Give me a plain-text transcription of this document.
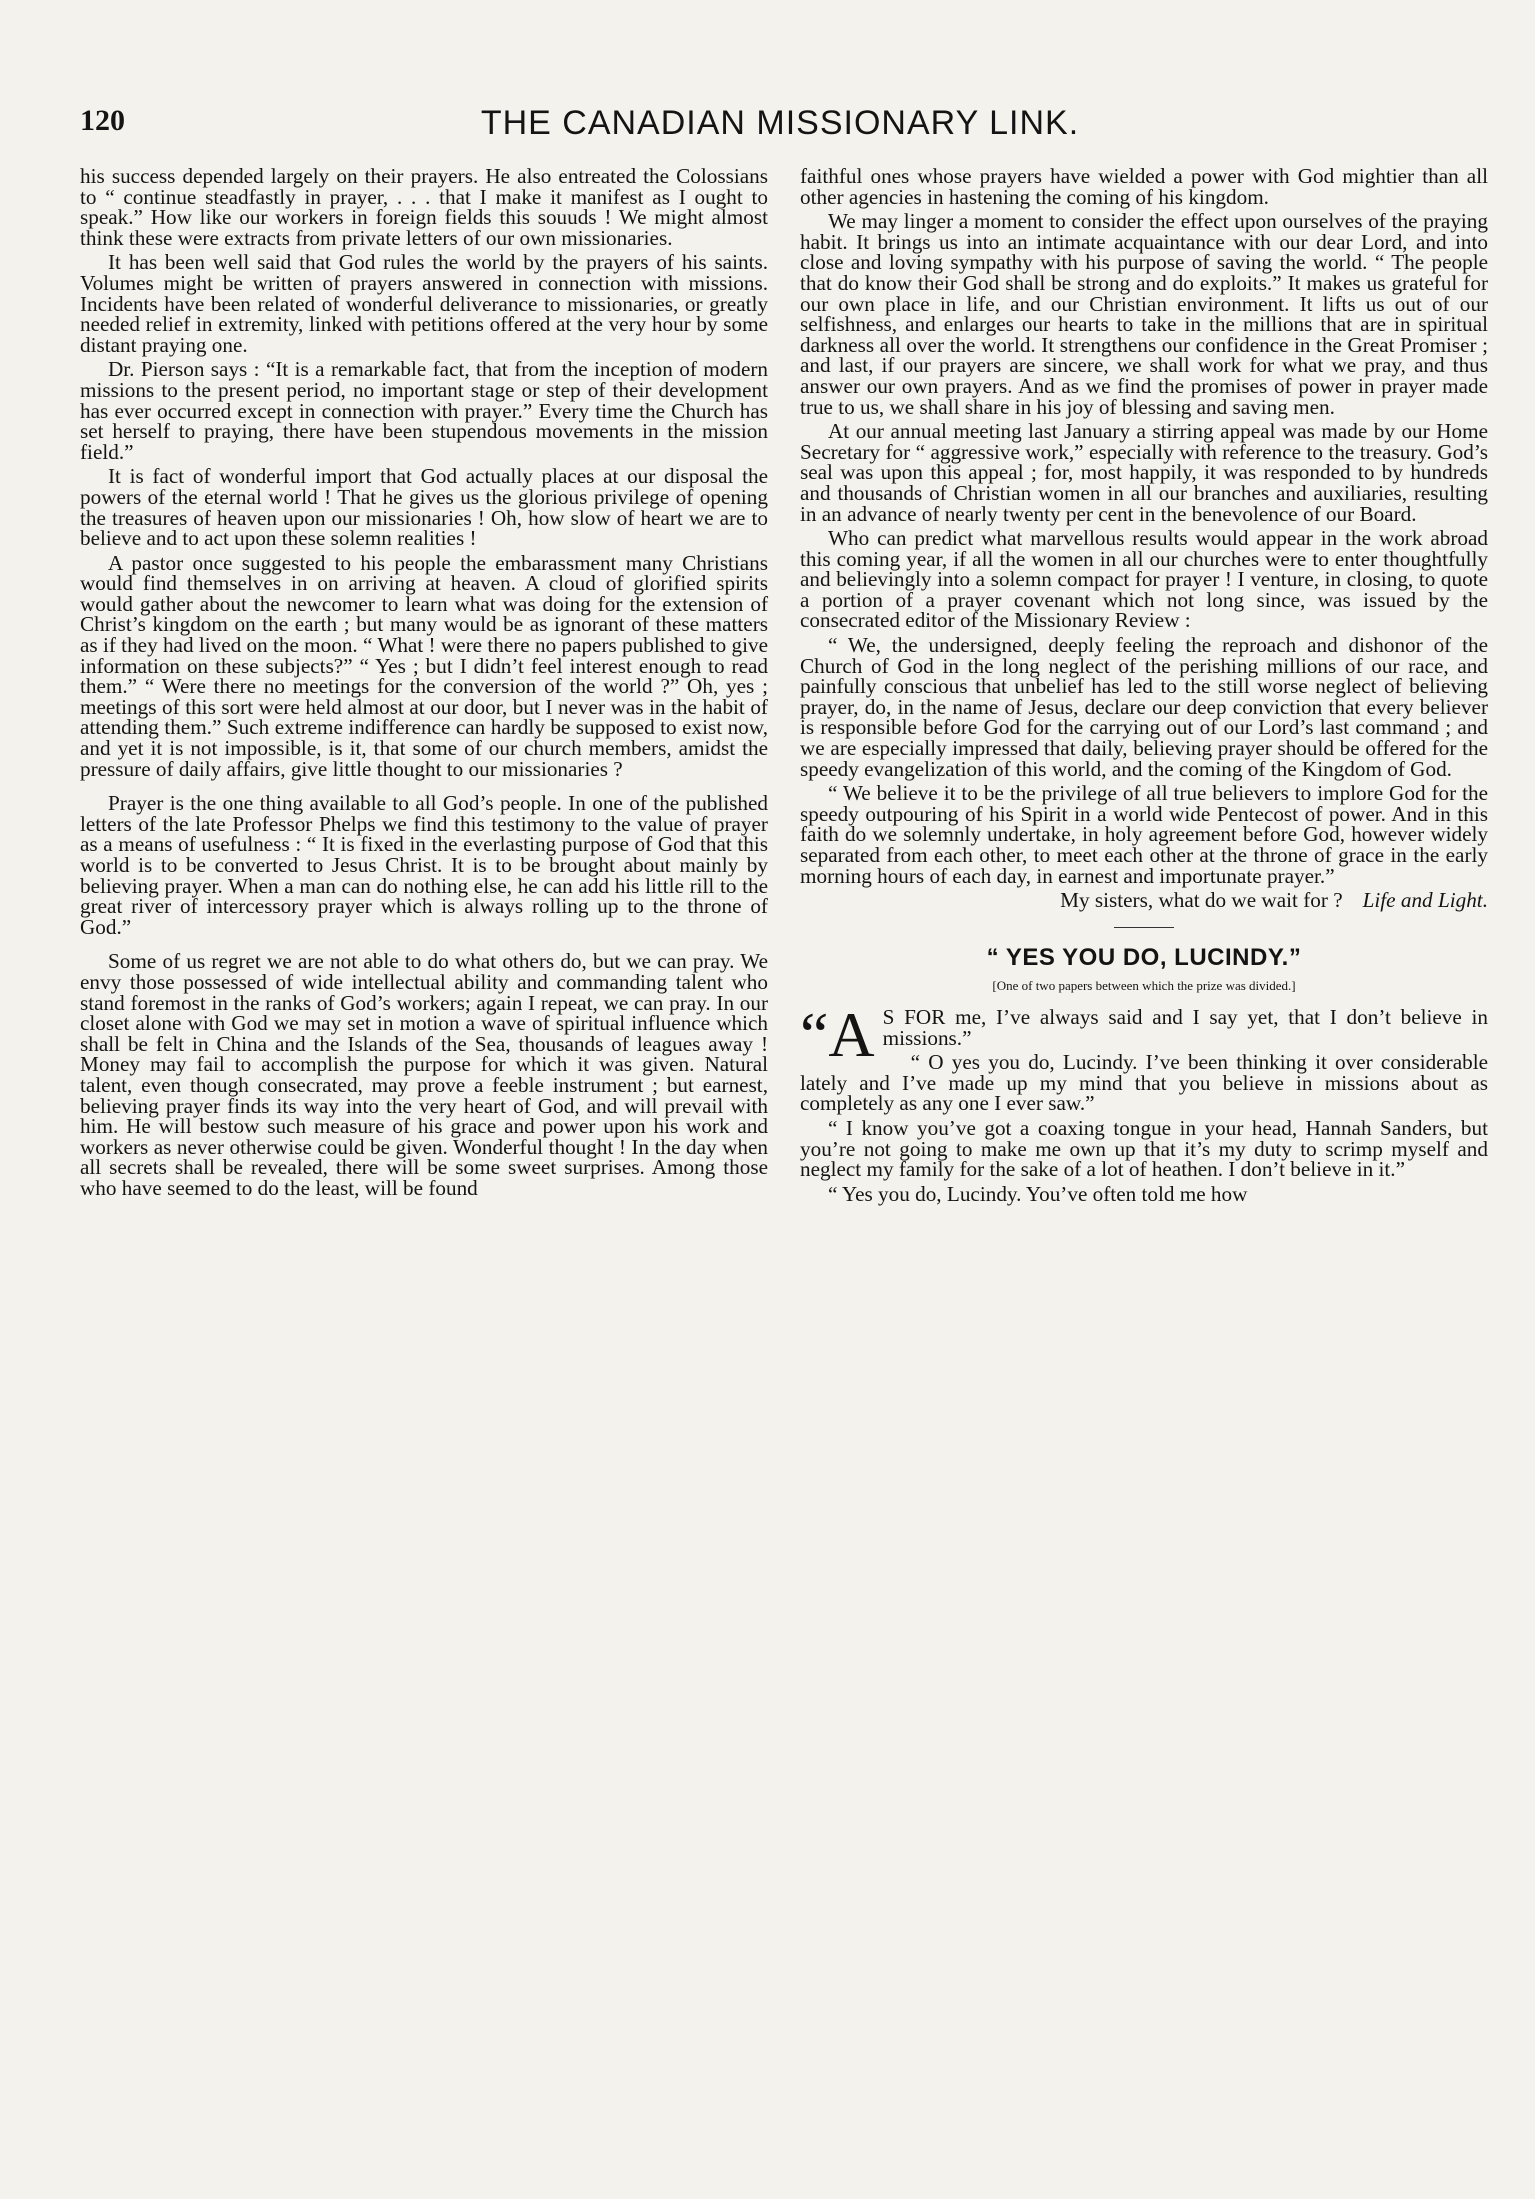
120	THE CANADIAN MISSIONARY LINK.

his success depended largely on their prayers. He also entreated the Colossians to “ continue steadfastly in prayer, . . . that I make it manifest as I ought to speak.” How like our workers in foreign fields this souuds ! We might almost think these were extracts from private letters of our own missionaries.

It has been well said that God rules the world by the prayers of his saints. Volumes might be written of prayers answered in connection with missions. Incidents have been related of wonderful deliverance to missionaries, or greatly needed relief in extremity, linked with petitions offered at the very hour by some distant praying one.

Dr. Pierson says : “It is a remarkable fact, that from the inception of modern missions to the present period, no important stage or step of their development has ever occurred except in connection with prayer.” Every time the Church has set herself to praying, there have been stupendous movements in the mission field.”

It is fact of wonderful import that God actually places at our disposal the powers of the eternal world ! That he gives us the glorious privilege of opening the treasures of heaven upon our missionaries ! Oh, how slow of heart we are to believe and to act upon these solemn realities !

A pastor once suggested to his people the embarassment many Christians would find themselves in on arriving at heaven. A cloud of glorified spirits would gather about the newcomer to learn what was doing for the extension of Christ’s kingdom on the earth ; but many would be as ignorant of these matters as if they had lived on the moon. “ What ! were there no papers published to give information on these subjects?” “ Yes ; but I didn’t feel interest enough to read them.” “ Were there no meetings for the conversion of the world ?” Oh, yes ; meetings of this sort were held almost at our door, but I never was in the habit of attending them.” Such extreme indifference can hardly be supposed to exist now, and yet it is not impossible, is it, that some of our church members, amidst the pressure of daily affairs, give little thought to our missionaries ?

Prayer is the one thing available to all God’s people. In one of the published letters of the late Professor Phelps we find this testimony to the value of prayer as a means of usefulness : “ It is fixed in the everlasting purpose of God that this world is to be converted to Jesus Christ. It is to be brought about mainly by believing prayer. When a man can do nothing else, he can add his little rill to the great river of intercessory prayer which is always rolling up to the throne of God.”

Some of us regret we are not able to do what others do, but we can pray. We envy those possessed of wide intellectual ability and commanding talent who stand foremost in the ranks of God’s workers; again I repeat, we can pray. In our closet alone with God we may set in motion a wave of spiritual influence which shall be felt in China and the Islands of the Sea, thousands of leagues away ! Money may fail to accomplish the purpose for which it was given. Natural talent, even though consecrated, may prove a feeble instrument ; but earnest, believing prayer finds its way into the very heart of God, and will prevail with him. He will bestow such measure of his grace and power upon his work and workers as never otherwise could be given. Wonderful thought ! In the day when all secrets shall be revealed, there will be some sweet surprises. Among those who have seemed to do the least, will be found

faithful ones whose prayers have wielded a power with God mightier than all other agencies in hastening the coming of his kingdom.

We may linger a moment to consider the effect upon ourselves of the praying habit. It brings us into an intimate acquaintance with our dear Lord, and into close and loving sympathy with his purpose of saving the world. “ The people that do know their God shall be strong and do exploits.” It makes us grateful for our own place in life, and our Christian environment. It lifts us out of our selfishness, and enlarges our hearts to take in the millions that are in spiritual darkness all over the world. It strengthens our confidence in the Great Promiser ; and last, if our prayers are sincere, we shall work for what we pray, and thus answer our own prayers. And as we find the promises of power in prayer made true to us, we shall share in his joy of blessing and saving men.

At our annual meeting last January a stirring appeal was made by our Home Secretary for “ aggressive work,” especially with reference to the treasury. God’s seal was upon this appeal ; for, most happily, it was responded to by hundreds and thousands of Christian women in all our branches and auxiliaries, resulting in an advance of nearly twenty per cent in the benevolence of our Board.

Who can predict what marvellous results would appear in the work abroad this coming year, if all the women in all our churches were to enter thoughtfully and believingly into a solemn compact for prayer ! I venture, in closing, to quote a portion of a prayer covenant which not long since, was issued by the consecrated editor of the Missionary Review :

“ We, the undersigned, deeply feeling the reproach and dishonor of the Church of God in the long neglect of the perishing millions of our race, and painfully conscious that unbelief has led to the still worse neglect of believing prayer, do, in the name of Jesus, declare our deep conviction that every believer is responsible before God for the carrying out of our Lord’s last command ; and we are especially impressed that daily, believing prayer should be offered for the speedy evangelization of this world, and the coming of the Kingdom of God.

“ We believe it to be the privilege of all true believers to implore God for the speedy outpouring of his Spirit in a world wide Pentecost of power. And in this faith do we solemnly undertake, in holy agreement before God, however widely separated from each other, to meet each other at the throne of grace in the early morning hours of each day, in earnest and importunate prayer.”

My sisters, what do we wait for ? Life and Light.

“ YES YOU DO, LUCINDY.”
[One of two papers between which the prize was divided.]

“A S FOR me, I’ve always said and I say yet, that I don’t believe in missions.”

“ O yes you do, Lucindy. I’ve been thinking it over considerable lately and I’ve made up my mind that you believe in missions about as completely as any one I ever saw.”

“ I know you’ve got a coaxing tongue in your head, Hannah Sanders, but you’re not going to make me own up that it’s my duty to scrimp myself and neglect my family for the sake of a lot of heathen. I don’t believe in it.”

“ Yes you do, Lucindy. You’ve often told me how
